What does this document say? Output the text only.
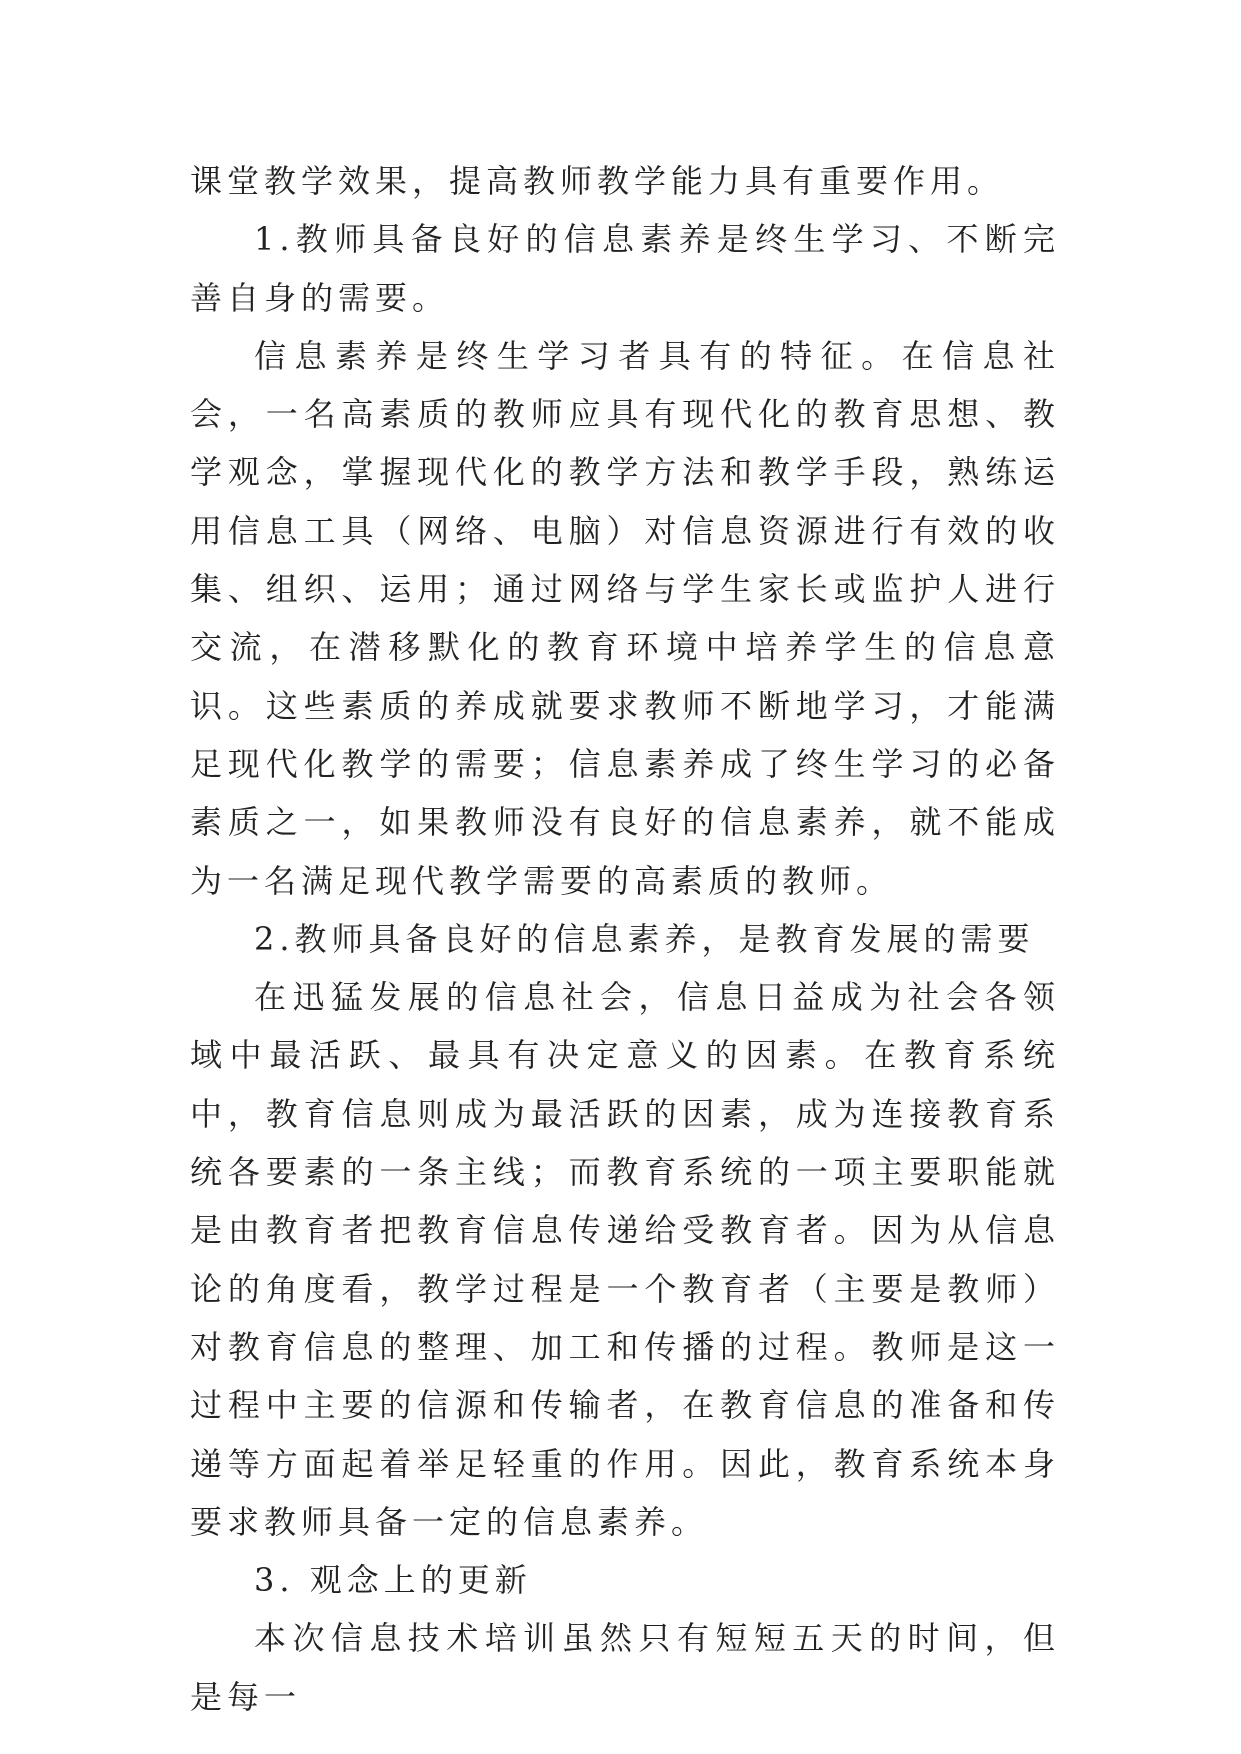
课堂教学效果，提高教师教学能力具有重要作用。

1.教师具备良好的信息素养是终生学习、不断完善自身的需要。

信息素养是终生学习者具有的特征。在信息社会，一名高素质的教师应具有现代化的教育思想、教学观念，掌握现代化的教学方法和教学手段，熟练运用信息工具（网络、电脑）对信息资源进行有效的收集、组织、运用；通过网络与学生家长或监护人进行交流，在潜移默化的教育环境中培养学生的信息意识。这些素质的养成就要求教师不断地学习，才能满足现代化教学的需要；信息素养成了终生学习的必备素质之一，如果教师没有良好的信息素养，就不能成为一名满足现代教学需要的高素质的教师。

2.教师具备良好的信息素养，是教育发展的需要

在迅猛发展的信息社会，信息日益成为社会各领域中最活跃、最具有决定意义的因素。在教育系统中，教育信息则成为最活跃的因素，成为连接教育系统各要素的一条主线；而教育系统的一项主要职能就是由教育者把教育信息传递给受教育者。因为从信息论的角度看，教学过程是一个教育者（主要是教师）对教育信息的整理、加工和传播的过程。教师是这一过程中主要的信源和传输者，在教育信息的准备和传递等方面起着举足轻重的作用。因此，教育系统本身要求教师具备一定的信息素养。

3. 观念上的更新

本次信息技术培训虽然只有短短五天的时间，但是每一
